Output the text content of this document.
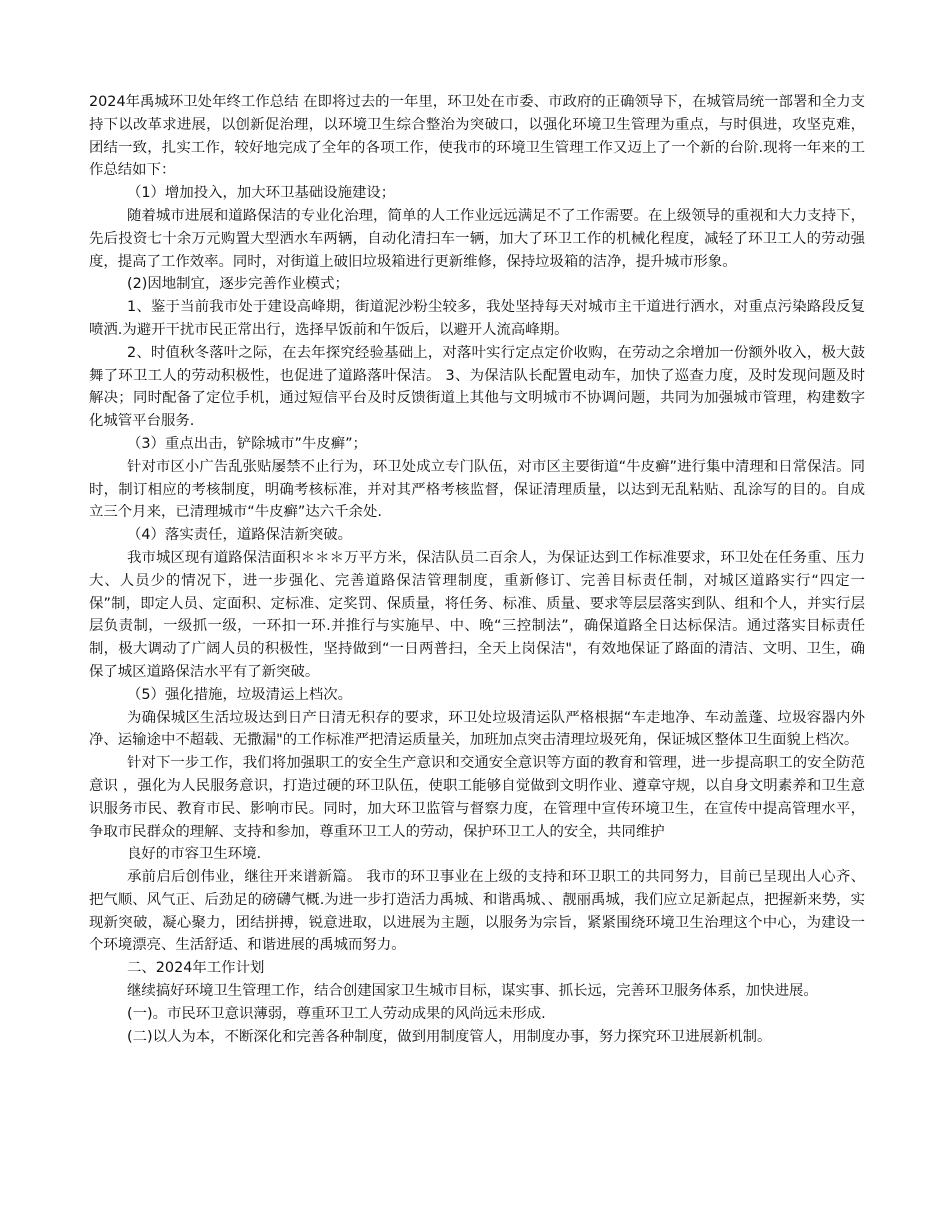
2024年禹城环卫处年终工作总结 在即将过去的一年里，环卫处在市委、市政府的正确领导下，在城管局统一部署和全力支持下以改革求进展，以创新促治理，以环境卫生综合整治为突破口，以强化环境卫生管理为重点，与时俱进，攻坚克难，团结一致，扎实工作，较好地完成了全年的各项工作，使我市的环境卫生管理工作又迈上了一个新的台阶.现将一年来的工作总结如下：

（1）增加投入，加大环卫基础设施建设；

随着城市进展和道路保洁的专业化治理，简单的人工作业远远满足不了工作需要。在上级领导的重视和大力支持下，先后投资七十余万元购置大型洒水车两辆，自动化清扫车一辆，加大了环卫工作的机械化程度，减轻了环卫工人的劳动强度，提高了工作效率。同时，对街道上破旧垃圾箱进行更新维修，保持垃圾箱的洁净，提升城市形象。

(2)因地制宜，逐步完善作业模式；

1、鉴于当前我市处于建设高峰期，街道泥沙粉尘较多，我处坚持每天对城市主干道进行洒水，对重点污染路段反复喷洒.为避开干扰市民正常出行，选择早饭前和午饭后，以避开人流高峰期。

2、时值秋冬落叶之际，在去年探究经验基础上，对落叶实行定点定价收购，在劳动之余增加一份额外收入，极大鼓舞了环卫工人的劳动积极性，也促进了道路落叶保洁。 3、为保洁队长配置电动车，加快了巡查力度，及时发现问题及时解决；同时配备了定位手机，通过短信平台及时反馈街道上其他与文明城市不协调问题，共同为加强城市管理，构建数字化城管平台服务.

（3）重点出击，铲除城市”牛皮癣”；

针对市区小广告乱张贴屡禁不止行为，环卫处成立专门队伍，对市区主要街道“牛皮癣”进行集中清理和日常保洁。同时，制订相应的考核制度，明确考核标准，并对其严格考核监督，保证清理质量，以达到无乱粘贴、乱涂写的目的。自成立三个月来，已清理城市“牛皮癣”达六千余处.

（4）落实责任，道路保洁新突破。

我市城区现有道路保洁面积＊＊＊万平方米，保洁队员二百余人，为保证达到工作标准要求，环卫处在任务重、压力大、人员少的情况下，进一步强化、完善道路保洁管理制度，重新修订、完善目标责任制，对城区道路实行“四定一保”制，即定人员、定面积、定标准、定奖罚、保质量，将任务、标准、质量、要求等层层落实到队、组和个人，并实行层层负责制，一级抓一级，一环扣一环.并推行与实施早、中、晚“三控制法”，确保道路全日达标保洁。通过落实目标责任制，极大调动了广阔人员的积极性，坚持做到“一日两普扫，全天上岗保洁"，有效地保证了路面的清洁、文明、卫生，确保了城区道路保洁水平有了新突破。

（5）强化措施，垃圾清运上档次。

为确保城区生活垃圾达到日产日清无积存的要求，环卫处垃圾清运队严格根据“车走地净、车动盖蓬、垃圾容器内外净、运输途中不超载、无撒漏"的工作标准严把清运质量关，加班加点突击清理垃圾死角，保证城区整体卫生面貌上档次。

针对下一步工作，我们将加强职工的安全生产意识和交通安全意识等方面的教育和管理，进一步提高职工的安全防范意识 ，强化为人民服务意识，打造过硬的环卫队伍，使职工能够自觉做到文明作业、遵章守规，以自身文明素养和卫生意识服务市民、教育市民、影响市民。同时，加大环卫监管与督察力度，在管理中宣传环境卫生，在宣传中提高管理水平，争取市民群众的理解、支持和参加，尊重环卫工人的劳动，保护环卫工人的安全，共同维护

良好的市容卫生环境.

承前启后创伟业，继往开来谱新篇。 我市的环卫事业在上级的支持和环卫职工的共同努力，目前已呈现出人心齐、把气顺、风气正、后劲足的磅礴气概.为进一步打造活力禹城、和谐禹城、、靓丽禹城，我们应立足新起点，把握新来势，实现新突破，凝心聚力，团结拼搏，锐意进取，以进展为主题，以服务为宗旨，紧紧围绕环境卫生治理这个中心，为建设一个环境漂亮、生活舒适、和谐进展的禹城而努力。

二、2024年工作计划

继续搞好环境卫生管理工作，结合创建国家卫生城市目标，谋实事、抓长远，完善环卫服务体系，加快进展。

(一)。市民环卫意识薄弱，尊重环卫工人劳动成果的风尚远未形成.

(二)以人为本，不断深化和完善各种制度，做到用制度管人，用制度办事，努力探究环卫进展新机制。
